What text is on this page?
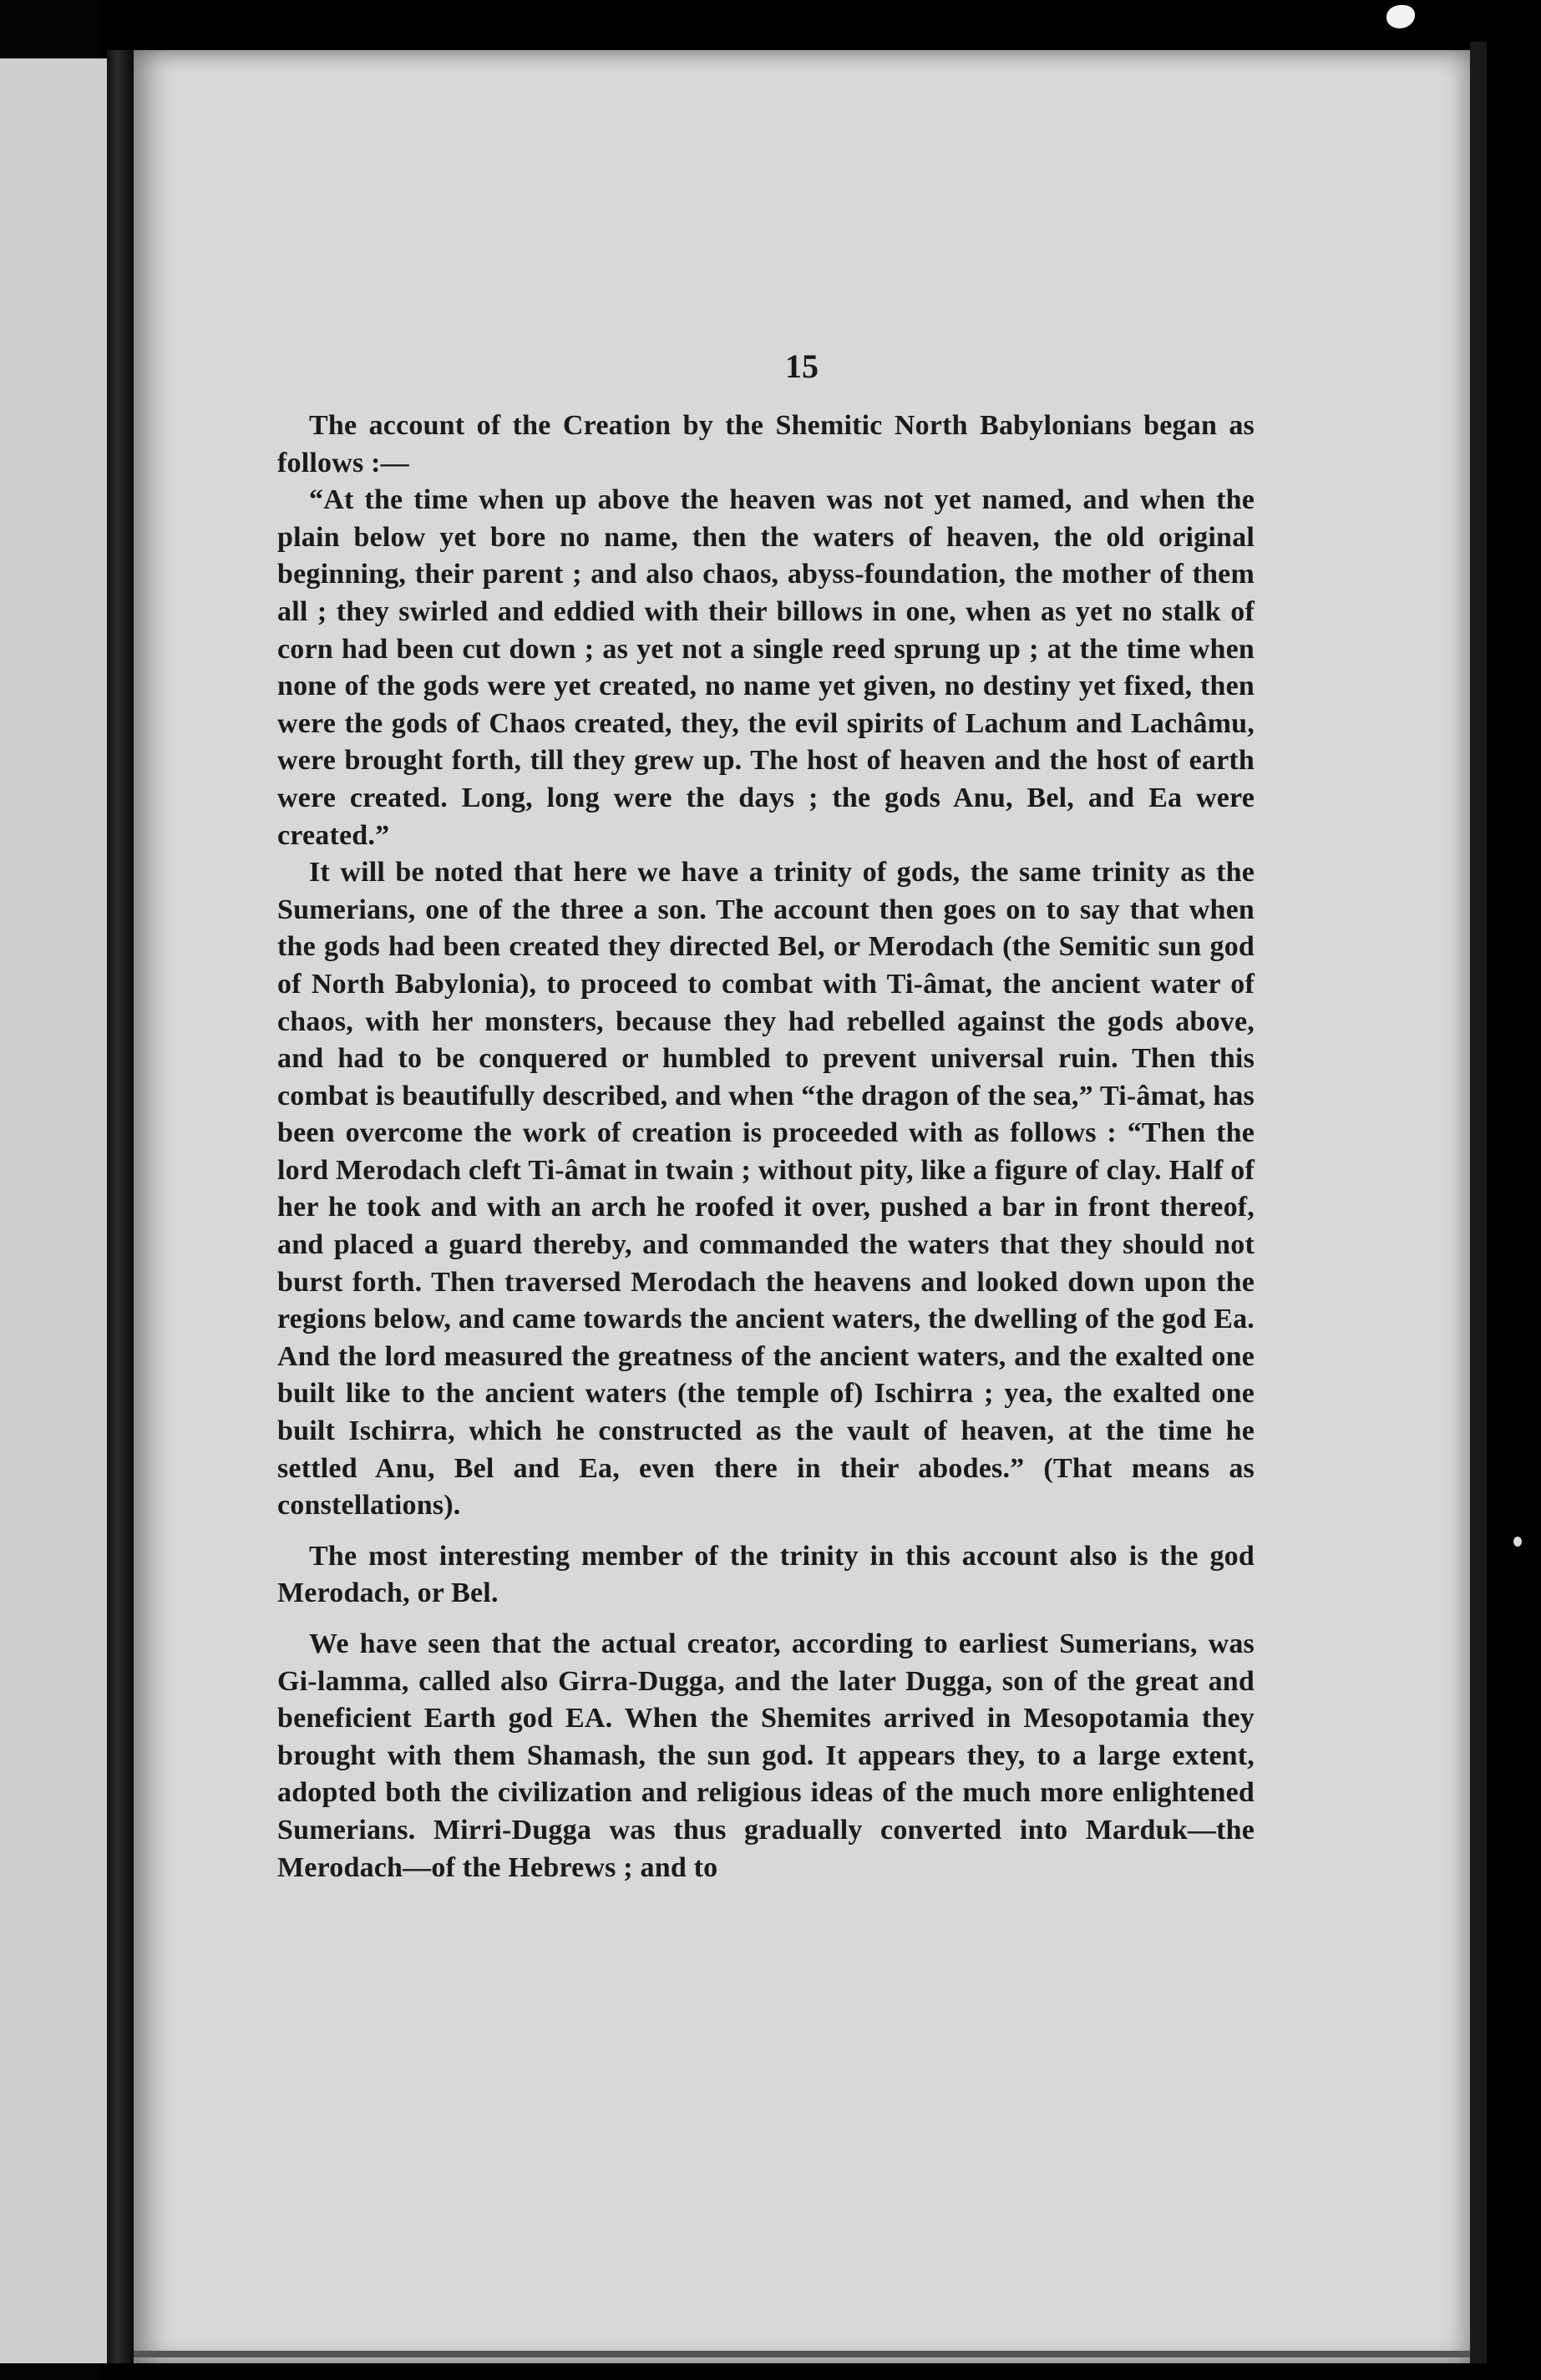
15

The account of the Creation by the Shemitic North Babylonians began as follows :—

“At the time when up above the heaven was not yet named, and when the plain below yet bore no name, then the waters of heaven, the old original beginning, their parent ; and also chaos, abyss-foundation, the mother of them all ; they swirled and eddied with their billows in one, when as yet no stalk of corn had been cut down ; as yet not a single reed sprung up ; at the time when none of the gods were yet created, no name yet given, no destiny yet fixed, then were the gods of Chaos created, they, the evil spirits of Lachum and Lachâmu, were brought forth, till they grew up. The host of heaven and the host of earth were created. Long, long were the days ; the gods Anu, Bel, and Ea were created.”

It will be noted that here we have a trinity of gods, the same trinity as the Sumerians, one of the three a son. The account then goes on to say that when the gods had been created they directed Bel, or Merodach (the Semitic sun god of North Babylonia), to proceed to combat with Ti-âmat, the ancient water of chaos, with her monsters, because they had rebelled against the gods above, and had to be conquered or humbled to prevent universal ruin. Then this combat is beautifully described, and when “the dragon of the sea,” Ti-âmat, has been overcome the work of creation is proceeded with as follows : “Then the lord Merodach cleft Ti-âmat in twain ; without pity, like a figure of clay. Half of her he took and with an arch he roofed it over, pushed a bar in front thereof, and placed a guard thereby, and commanded the waters that they should not burst forth. Then traversed Merodach the heavens and looked down upon the regions below, and came towards the ancient waters, the dwelling of the god Ea. And the lord measured the greatness of the ancient waters, and the exalted one built like to the ancient waters (the temple of) Ischirra ; yea, the exalted one built Ischirra, which he constructed as the vault of heaven, at the time he settled Anu, Bel and Ea, even there in their abodes.” (That means as constellations).

The most interesting member of the trinity in this account also is the god Merodach, or Bel.

We have seen that the actual creator, according to earliest Sumerians, was Gi-lamma, called also Girra-Dugga, and the later Dugga, son of the great and beneficient Earth god EA. When the Shemites arrived in Mesopotamia they brought with them Shamash, the sun god. It appears they, to a large extent, adopted both the civilization and religious ideas of the much more enlightened Sumerians. Mirri-Dugga was thus gradually converted into Marduk—the Merodach—of the Hebrews ; and to
